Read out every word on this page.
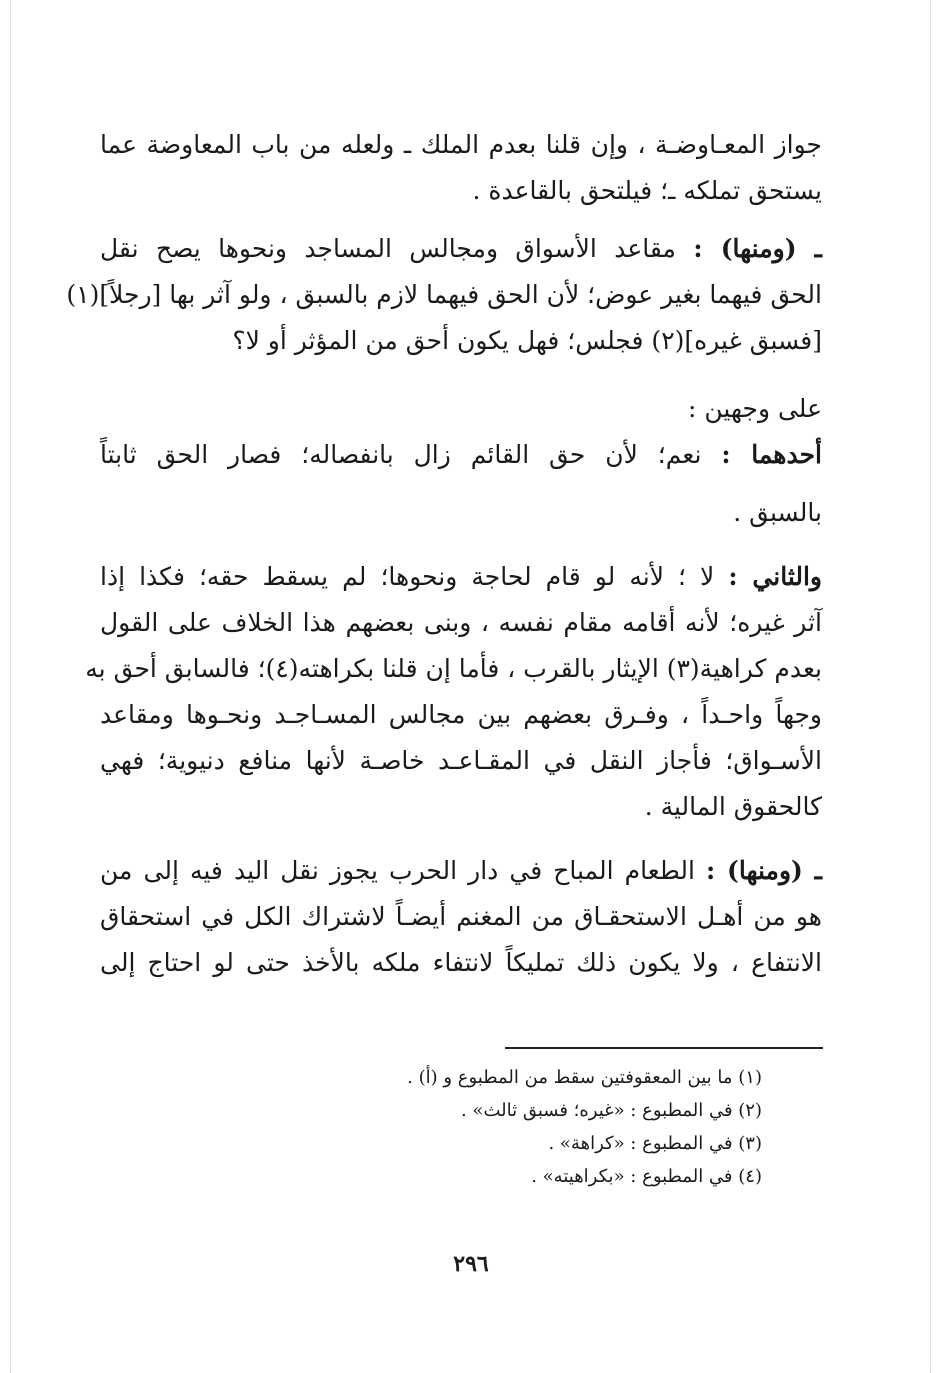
جواز المعـاوضـة ، وإن قلنا بعدم الملك ـ ولعله من باب المعاوضة عما
يستحق تملكه ـ؛ فيلتحق بالقاعدة .
ـ (ومنها) : مقاعد الأسواق ومجالس المساجد ونحوها يصح نقل
الحق فيهما بغير عوض؛ لأن الحق فيهما لازم بالسبق ، ولو آثر بها [رجلاً](١)
[فسبق غيره](٢) فجلس؛ فهل يكون أحق من المؤثر أو لا؟
على وجهين :
أحدهما : نعم؛ لأن حق القائم زال بانفصاله؛ فصار الحق ثابتاً
بالسبق .
والثاني : لا ؛ لأنه لو قام لحاجة ونحوها؛ لم يسقط حقه؛ فكذا إذا
آثر غيره؛ لأنه أقامه مقام نفسه ، وبنى بعضهم هذا الخلاف على القول
بعدم كراهية(٣) الإيثار بالقرب ، فأما إن قلنا بكراهته(٤)؛ فالسابق أحق به
وجهاً واحـداً ، وفـرق بعضهم بين مجالس المسـاجـد ونحـوها ومقاعد
الأسـواق؛ فأجاز النقل في المقـاعـد خاصـة لأنها منافع دنيوية؛ فهي
كالحقوق المالية .
ـ (ومنها) : الطعام المباح في دار الحرب يجوز نقل اليد فيه إلى من
هو من أهـل الاستحقـاق من المغنم أيضـاً لاشتراك الكل في استحقاق
الانتفاع ، ولا يكون ذلك تمليكاً لانتفاء ملكه بالأخذ حتى لو احتاج إلى
(١) ما بين المعقوفتين سقط من المطبوع و (أ) .
(٢) في المطبوع : «غيره؛ فسبق ثالث» .
(٣) في المطبوع : «كراهة» .
(٤) في المطبوع : «بكراهيته» .
٢٩٦
